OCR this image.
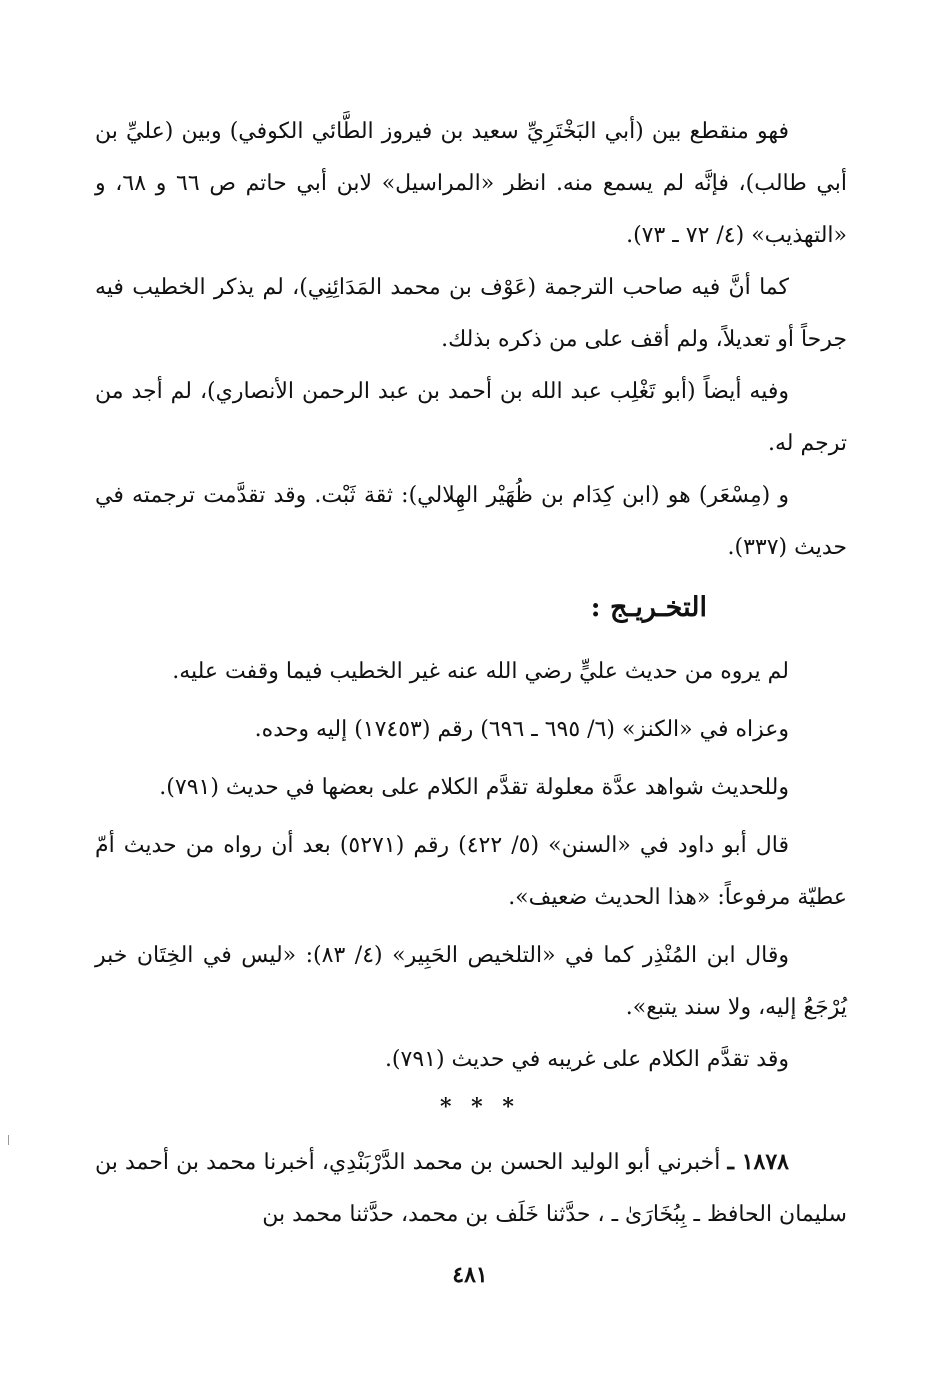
فهو منقطع بين (أبي البَخْتَرِيِّ سعيد بن فيروز الطَّائي الكوفي) وبين (عليِّ بن أبي طالب)، فإنَّه لم يسمع منه. انظر «المراسيل» لابن أبي حاتم ص ٦٦ و ٦٨، و «التهذيب» (٤/ ٧٢ ـ ٧٣).

كما أنَّ فيه صاحب الترجمة (عَوْف بن محمد المَدَائِنِي)، لم يذكر الخطيب فيه جرحاً أو تعديلاً، ولم أقف على من ذكره بذلك.

وفيه أيضاً (أبو تَغْلِب عبد الله بن أحمد بن عبد الرحمن الأنصاري)، لم أجد من ترجم له.

و (مِسْعَر) هو (ابن كِدَام بن ظُهَيْر الهِلالي): ثقة ثَبْت. وقد تقدَّمت ترجمته في حديث (٣٣٧).

التخـريـج :

لم يروه من حديث عليٍّ رضي الله عنه غير الخطيب فيما وقفت عليه.

وعزاه في «الكنز» (٦/ ٦٩٥ ـ ٦٩٦) رقم (١٧٤٥٣) إليه وحده.

وللحديث شواهد عدَّة معلولة تقدَّم الكلام على بعضها في حديث (٧٩١).

قال أبو داود في «السنن» (٥/ ٤٢٢) رقم (٥٢٧١) بعد أن رواه من حديث أمّ عطيّة مرفوعاً: «هذا الحديث ضعيف».

وقال ابن المُنْذِر كما في «التلخيص الحَبِير» (٤/ ٨٣): «ليس في الخِتَان خبر يُرْجَعُ إليه، ولا سند يتبع».

وقد تقدَّم الكلام على غريبه في حديث (٧٩١).

* * *

١٨٧٨ ـ أخبرني أبو الوليد الحسن بن محمد الدَّرْبَنْدِي، أخبرنا محمد بن أحمد بن سليمان الحافظ ـ بِبُخَارَىٰ ـ ، حدَّثنا خَلَف بن محمد، حدَّثنا محمد بن

٤٨١
